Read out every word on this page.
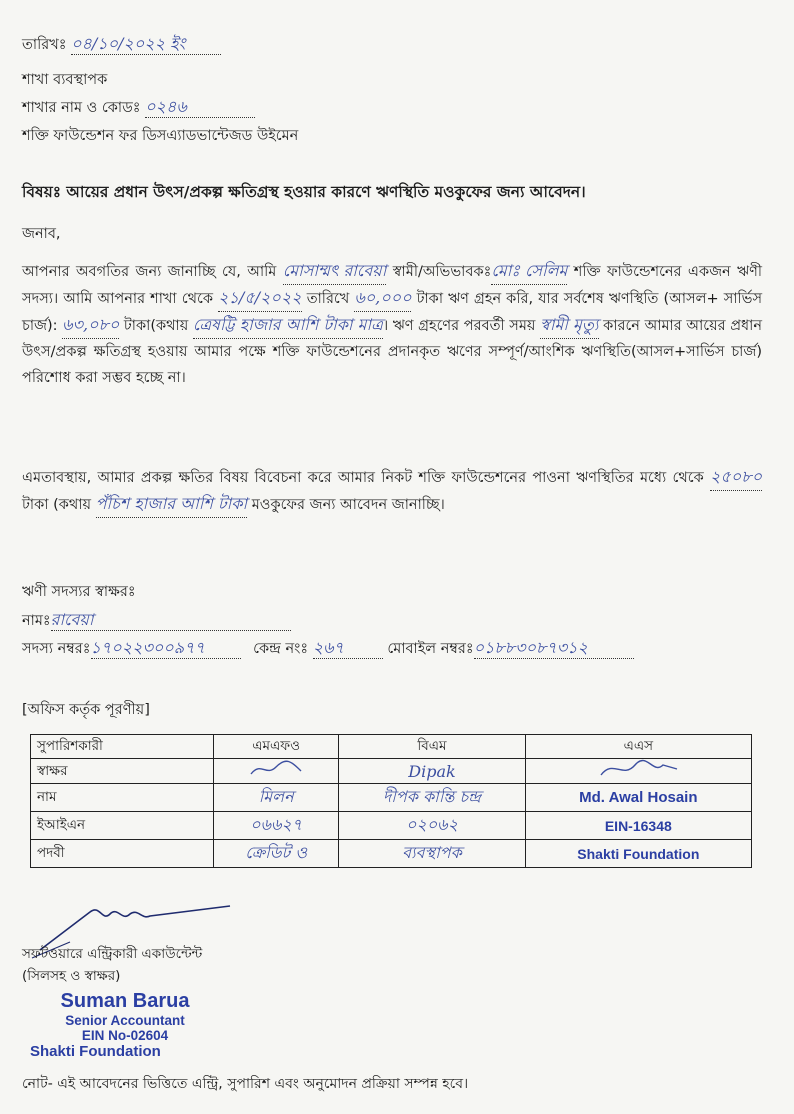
তারিখঃ ০৪/১০/২০২২ ইং
শাখা ব্যবস্থাপক
শাখার নাম ও কোডঃ ০২৪৬
শক্তি ফাউন্ডেশন ফর ডিসএ্যাডভান্টেজড উইমেন
বিষয়ঃ আয়ের প্রধান উৎস/প্রকল্প ক্ষতিগ্রস্থ হওয়ার কারণে ঋণস্থিতি মওকুফের জন্য আবেদন।
জনাব,
আপনার অবগতির জন্য জানাচ্ছি যে, আমি মোসাম্মৎ রাবেয়া স্বামী/অভিভাবকঃমোঃ সেলিম শক্তি ফাউন্ডেশনের একজন ঋণী সদস্য। আমি আপনার শাখা থেকে ২১/৫/২০২২ তারিখে ৬০,০০০ টাকা ঋণ গ্রহন করি, যার সর্বশেষ ঋণস্থিতি (আসল+ সার্ভিস চার্জ): ৬৩,০৮০ টাকা(কথায় ত্রেষট্টি হাজার আশি টাকা মাত্র। ঋণ গ্রহণের পরবর্তী সময় স্বামী মৃত্যু কারনে আমার আয়ের প্রধান উৎস/প্রকল্প ক্ষতিগ্রস্থ হওয়ায় আমার পক্ষে শক্তি ফাউন্ডেশনের প্রদানকৃত ঋণের সম্পূর্ণ/আংশিক ঋণস্থিতি(আসল+সার্ভিস চার্জ) পরিশোধ করা সম্ভব হচ্ছে না।
এমতাবস্থায়, আমার প্রকল্প ক্ষতির বিষয় বিবেচনা করে আমার নিকট শক্তি ফাউন্ডেশনের পাওনা ঋণস্থিতির মধ্যে থেকে ২৫০৮০ টাকা (কথায় পঁচিশ হাজার আশি টাকা মওকুফের জন্য আবেদন জানাচ্ছি।
ঋণী সদস্যর স্বাক্ষরঃ
নামঃরাবেয়া
সদস্য নম্বরঃ১৭০২২৩০০৯৭৭	কেন্দ্র নংঃ ২৬৭	মোবাইল নম্বরঃ০১৮৮৩০৮৭৩১২
[অফিস কর্তৃক পূরণীয়]
সুপারিশকারী	এমএফও	বিএম	এএস
স্বাক্ষর		Dipak	
নাম	মিলন	দীপক কান্তি চন্দ্র	Md. Awal Hosain
ইআইএন	০৬৬২৭	০২০৬২	EIN-16348
পদবী	ক্রেডিট ও	ব্যবস্থাপক	Shakti Foundation
সফটওয়ারে এন্ট্রিকারী একাউন্টেন্ট
(সিলসহ ও স্বাক্ষর)
Suman Barua
Senior Accountant
EIN No-02604
Shakti Foundation
নোট- এই আবেদনের ভিত্তিতে এন্ট্রি, সুপারিশ এবং অনুমোদন প্রক্রিয়া সম্পন্ন হবে।
